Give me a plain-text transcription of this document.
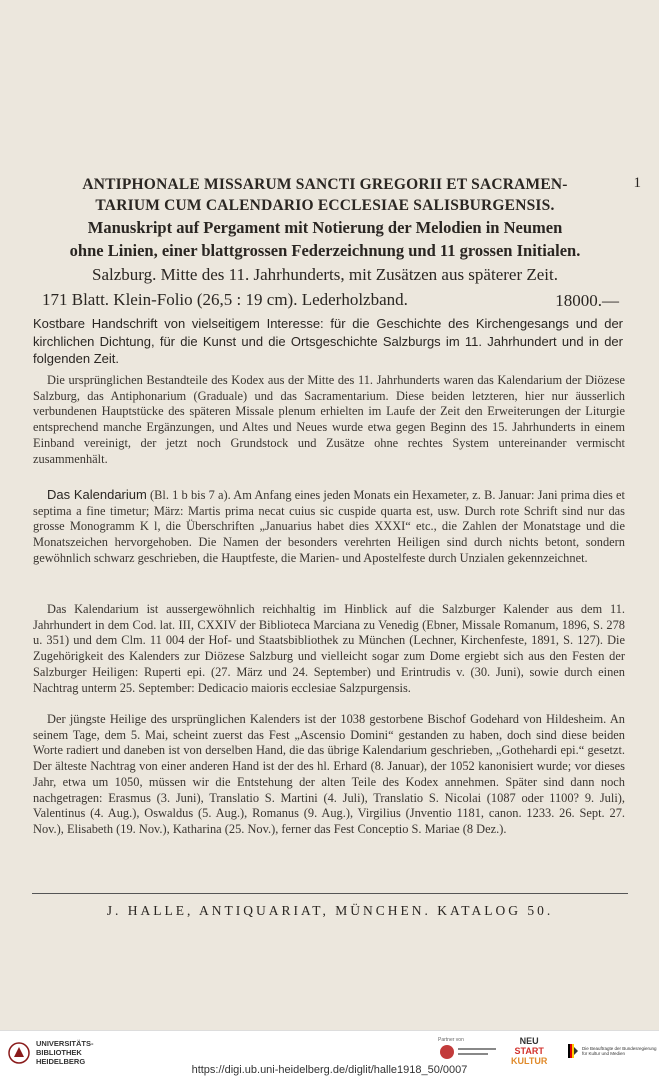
ANTIPHONALE MISSARUM SANCTI GREGORII ET SACRAMEN-	1
TARIUM CUM CALENDARIO ECCLESIAE SALISBURGENSIS.
Manuskript auf Pergament mit Notierung der Melodien in Neumen
ohne Linien, einer blattgrossen Federzeichnung und 11 grossen Initialen.
Salzburg. Mitte des 11. Jahrhunderts, mit Zusätzen aus späterer Zeit.
171 Blatt. Klein-Folio (26,5 : 19 cm). Lederholzband.	18000.—
Kostbare Handschrift von vielseitigem Interesse: für die Geschichte des Kirchengesangs und der kirchlichen Dichtung, für die Kunst und die Ortsgeschichte Salzburgs im 11. Jahrhundert und in der folgenden Zeit.
Die ursprünglichen Bestandteile des Kodex aus der Mitte des 11. Jahrhunderts waren das Kalendarium der Diözese Salzburg, das Antiphonarium (Graduale) und das Sacramentarium. Diese beiden letzteren, hier nur äusserlich verbundenen Hauptstücke des späteren Missale plenum erhielten im Laufe der Zeit den Erweiterungen der Liturgie entsprechend manche Ergänzungen, und Altes und Neues wurde etwa gegen Beginn des 15. Jahrhunderts in einem Einband vereinigt, der jetzt noch Grundstock und Zusätze ohne rechtes System untereinander vermischt zusammenhält.
Das Kalendarium (Bl. 1 b bis 7 a). Am Anfang eines jeden Monats ein Hexameter, z. B. Januar: Jani prima dies et septima a fine timetur; März: Martis prima necat cuius sic cuspide quarta est, usw. Durch rote Schrift sind nur das grosse Monogramm K l, die Überschriften „Januarius habet dies XXXI“ etc., die Zahlen der Monatstage und die Monatszeichen hervorgehoben. Die Namen der besonders verehrten Heiligen sind durch nichts betont, sondern gewöhnlich schwarz geschrieben, die Hauptfeste, die Marien- und Apostelfeste durch Unzialen gekennzeichnet.
Das Kalendarium ist aussergewöhnlich reichhaltig im Hinblick auf die Salzburger Kalender aus dem 11. Jahrhundert in dem Cod. lat. III, CXXIV der Biblioteca Marciana zu Venedig (Ebner, Missale Romanum, 1896, S. 278 u. 351) und dem Clm. 11 004 der Hof- und Staatsbibliothek zu München (Lechner, Kirchenfeste, 1891, S. 127). Die Zugehörigkeit des Kalenders zur Diözese Salzburg und vielleicht sogar zum Dome ergiebt sich aus den Festen der Salzburger Heiligen: Ruperti epi. (27. März und 24. September) und Erintrudis v. (30. Juni), sowie durch einen Nachtrag unterm 25. September: Dedicacio maioris ecclesiae Salzpurgensis.
Der jüngste Heilige des ursprünglichen Kalenders ist der 1038 gestorbene Bischof Godehard von Hildesheim. An seinem Tage, dem 5. Mai, scheint zuerst das Fest „Ascensio Domini“ gestanden zu haben, doch sind diese beiden Worte radiert und daneben ist von derselben Hand, die das übrige Kalendarium geschrieben, „Gothehardi epi.“ gesetzt. Der älteste Nachtrag von einer anderen Hand ist der des hl. Erhard (8. Januar), der 1052 kanonisiert wurde; vor dieses Jahr, etwa um 1050, müssen wir die Entstehung der alten Teile des Kodex annehmen. Später sind dann noch nachgetragen: Erasmus (3. Juni), Translatio S. Martini (4. Juli), Translatio S. Nicolai (1087 oder 1100? 9. Juli), Valentinus (4. Aug.), Oswaldus (5. Aug.), Romanus (9. Aug.), Virgilius (Jnventio 1181, canon. 1233. 26. Sept. 27. Nov.), Elisabeth (19. Nov.), Katharina (25. Nov.), ferner das Fest Conceptio S. Mariae (8 Dez.).
J. HALLE, ANTIQUARIAT, MÜNCHEN. KATALOG 50.
UNIVERSITÄTS-
BIBLIOTHEK
HEIDELBERG
Partner von	NEU
START
KULTUR
Die Beauftragte der Bundesregierung
für Kultur und Medien
https://digi.ub.uni-heidelberg.de/diglit/halle1918_50/0007
